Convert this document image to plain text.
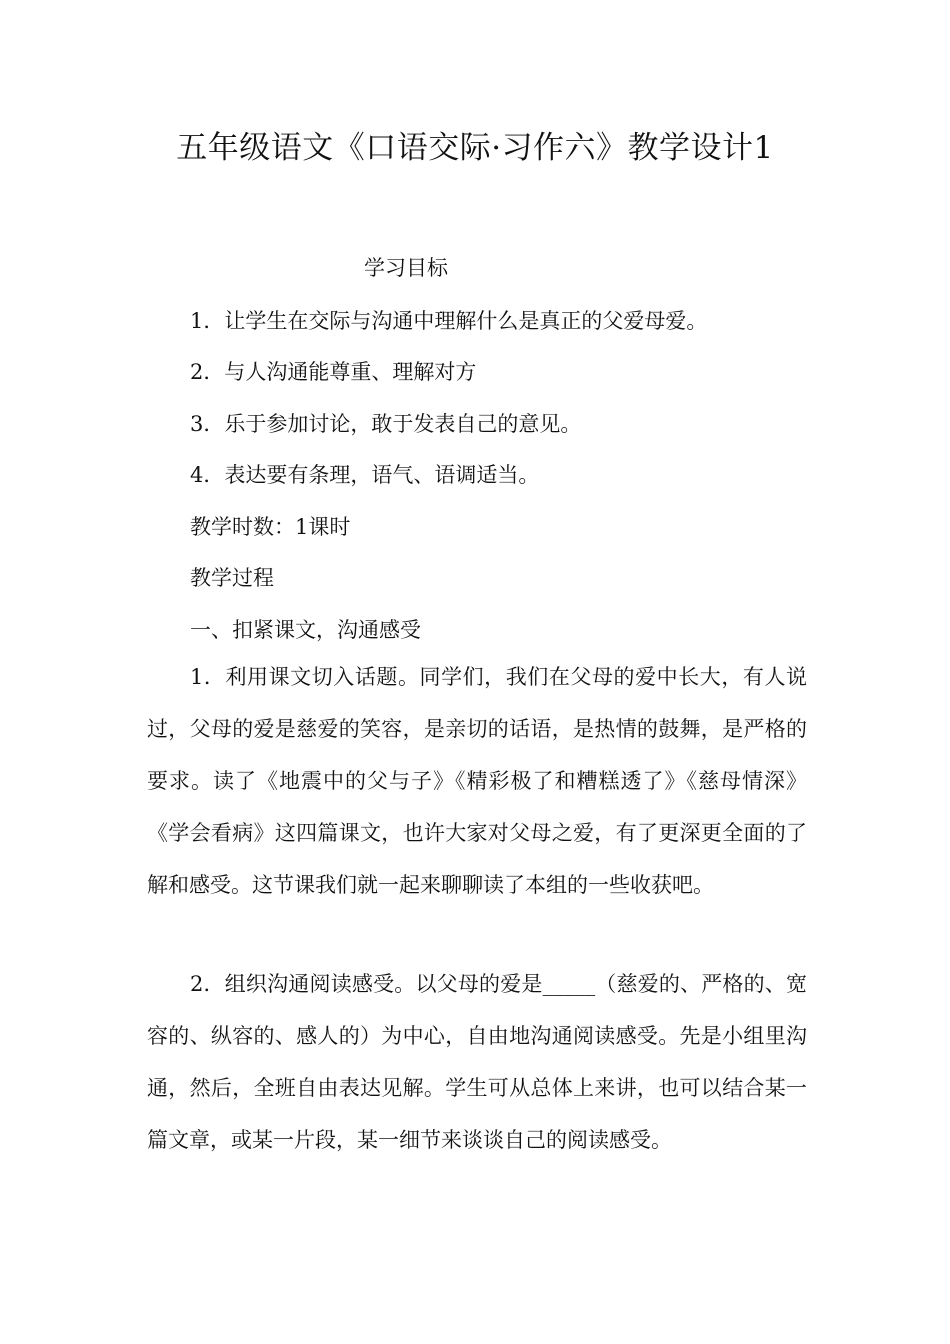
五年级语文《口语交际·习作六》教学设计1
学习目标
1．让学生在交际与沟通中理解什么是真正的父爱母爱。
2．与人沟通能尊重、理解对方
3．乐于参加讨论，敢于发表自己的意见。
4．表达要有条理，语气、语调适当。
教学时数：1课时
教学过程
一、扣紧课文，沟通感受
1．利用课文切入话题。同学们，我们在父母的爱中长大，有人说过，父母的爱是慈爱的笑容，是亲切的话语，是热情的鼓舞，是严格的要求。读了《地震中的父与子》《精彩极了和糟糕透了》《慈母情深》《学会看病》这四篇课文，也许大家对父母之爱，有了更深更全面的了解和感受。这节课我们就一起来聊聊读了本组的一些收获吧。
2．组织沟通阅读感受。以父母的爱是_____（慈爱的、严格的、宽容的、纵容的、感人的）为中心，自由地沟通阅读感受。先是小组里沟通，然后，全班自由表达见解。学生可从总体上来讲，也可以结合某一篇文章，或某一片段，某一细节来谈谈自己的阅读感受。
